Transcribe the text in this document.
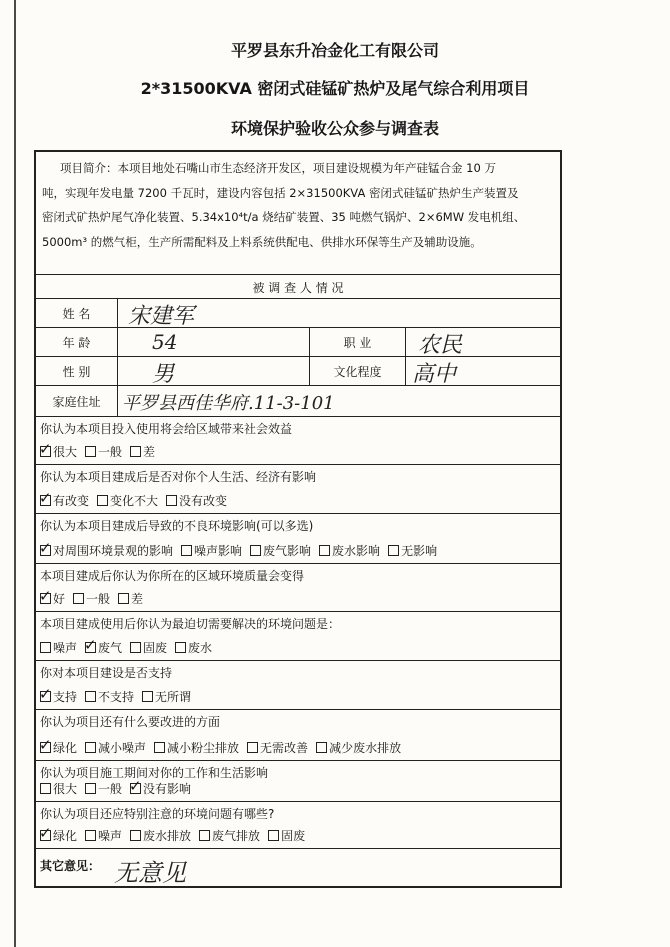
平罗县东升冶金化工有限公司
2*31500KVA 密闭式硅锰矿热炉及尾气综合利用项目
环境保护验收公众参与调查表
项目简介：本项目地处石嘴山市生态经济开发区，项目建设规模为年产硅锰合金 10 万
吨，实现年发电量 7200 千瓦时，建设内容包括 2×31500KVA 密闭式硅锰矿热炉生产装置及
密闭式矿热炉尾气净化装置、5.34x10⁴t/a 烧结矿装置、35 吨燃气锅炉、2×6MW 发电机组、
5000m³ 的燃气柜，生产所需配料及上料系统供配电、供排水环保等生产及辅助设施。
被 调 查 人 情 况
姓 名	宋建军
年 龄	54	职 业	农民
性 别	男	文化程度	高中
家庭住址	平罗县西佳华府.11-3-101
你认为本项目投入使用将会给区域带来社会效益
✓ 很大 一般 差
你认为本项目建成后是否对你个人生活、经济有影响
✓ 有改变 变化不大 没有改变
你认为本项目建成后导致的不良环境影响(可以多选)
✓ 对周围环境景观的影响 噪声影响 废气影响 废水影响 无影响
本项目建成后你认为你所在的区域环境质量会变得
✓ 好 一般 差
本项目建成使用后你认为最迫切需要解决的环境问题是：
噪声 ✓ 废气 固废 废水
你对本项目建设是否支持
✓ 支持 不支持 无所谓
你认为项目还有什么要改进的方面
✓ 绿化 减小噪声 减小粉尘排放 无需改善 减少废水排放
你认为项目施工期间对你的工作和生活影响
很大 一般 ✓ 没有影响
你认为项目还应特别注意的环境问题有哪些?
✓ 绿化 噪声 废水排放 废气排放 固废
其它意见： 无意见
